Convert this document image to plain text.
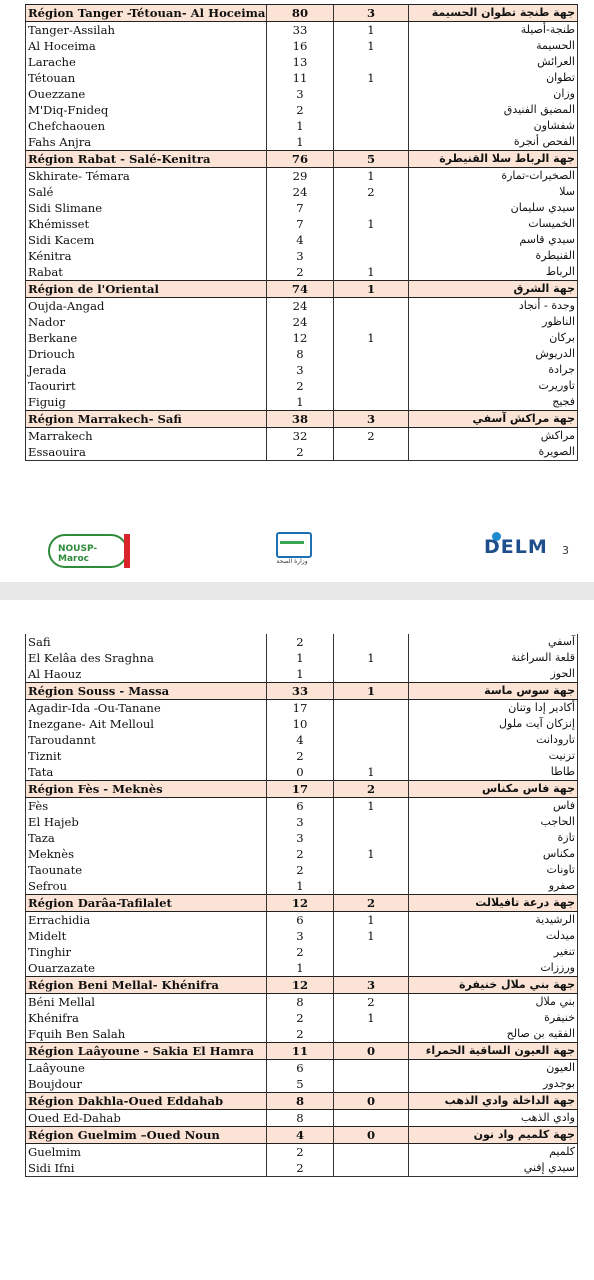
Région Tanger -Tétouan- Al Hoceima	80	3	جهة طنجة تطوان الحسيمة
Tanger-Assilah	33	1	طنجة-أصيلة
Al Hoceima	16	1	الحسيمة
Larache	13		العرائش
Tétouan	11	1	تطوان
Ouezzane	3		وزان
M'Diq-Fnideq	2		المضيق الفنيدق
Chefchaouen	1		شفشاون
Fahs Anjra	1		الفحص أنجرة
Région Rabat - Salé-Kenitra	76	5	جهة الرباط سلا القنيطرة
Skhirate- Témara	29	1	الصخيرات-تمارة
Salé	24	2	سلا
Sidi Slimane	7		سيدي سليمان
Khémisset	7	1	الخميسات
Sidi Kacem	4		سيدي قاسم
Kénitra	3		القنيطرة
Rabat	2	1	الرباط
Région de l'Oriental	74	1	جهة الشرق
Oujda-Angad	24		وجدة - أنجاد
Nador	24		الناظور
Berkane	12	1	بركان
Driouch	8		الدريوش
Jerada	3		جرادة
Taourirt	2		تاوريرت
Figuig	1		فجيج
Région Marrakech- Safi	38	3	جهة مراكش آسفي
Marrakech	32	2	مراكش
Essaouira	2		الصويرة
NOUSP-Maroc	وزارة الصحة
DELM 3
Safi	2		آسفي
El Kelâa des Sraghna	1	1	قلعة السراغنة
Al Haouz	1		الحوز
Région Souss - Massa	33	1	جهة سوس ماسة
Agadir-Ida -Ou-Tanane	17		أكادير إدا وتنان
Inezgane- Ait Melloul	10		إنزكان آيت ملول
Taroudannt	4		تارودانت
Tiznit	2		تزنيت
Tata	0	1	طاطا
Région Fès - Meknès	17	2	جهة فاس مكناس
Fès	6	1	فاس
El Hajeb	3		الحاجب
Taza	3		تازة
Meknès	2	1	مكناس
Taounate	2		تاونات
Sefrou	1		صفرو
Région Darâa-Tafilalet	12	2	جهة درعة تافيلالت
Errachidia	6	1	الرشيدية
Midelt	3	1	ميدلت
Tinghir	2		تنغير
Ouarzazate	1		ورززات
Région Beni Mellal- Khénifra	12	3	جهة بني ملال خنيفرة
Béni Mellal	8	2	بني ملال
Khénifra	2	1	خنيفرة
Fquih Ben Salah	2		الفقيه بن صالح
Région Laâyoune - Sakia El Hamra	11	0	جهة العيون الساقية الحمراء
Laâyoune	6		العيون
Boujdour	5		بوجدور
Région Dakhla-Oued Eddahab	8	0	جهة الداخلة وادي الذهب
Oued Ed-Dahab	8		وادي الذهب
Région Guelmim –Oued Noun	4	0	جهة كلميم واد نون
Guelmim	2		كلميم
Sidi Ifni	2		سيدي إفني
